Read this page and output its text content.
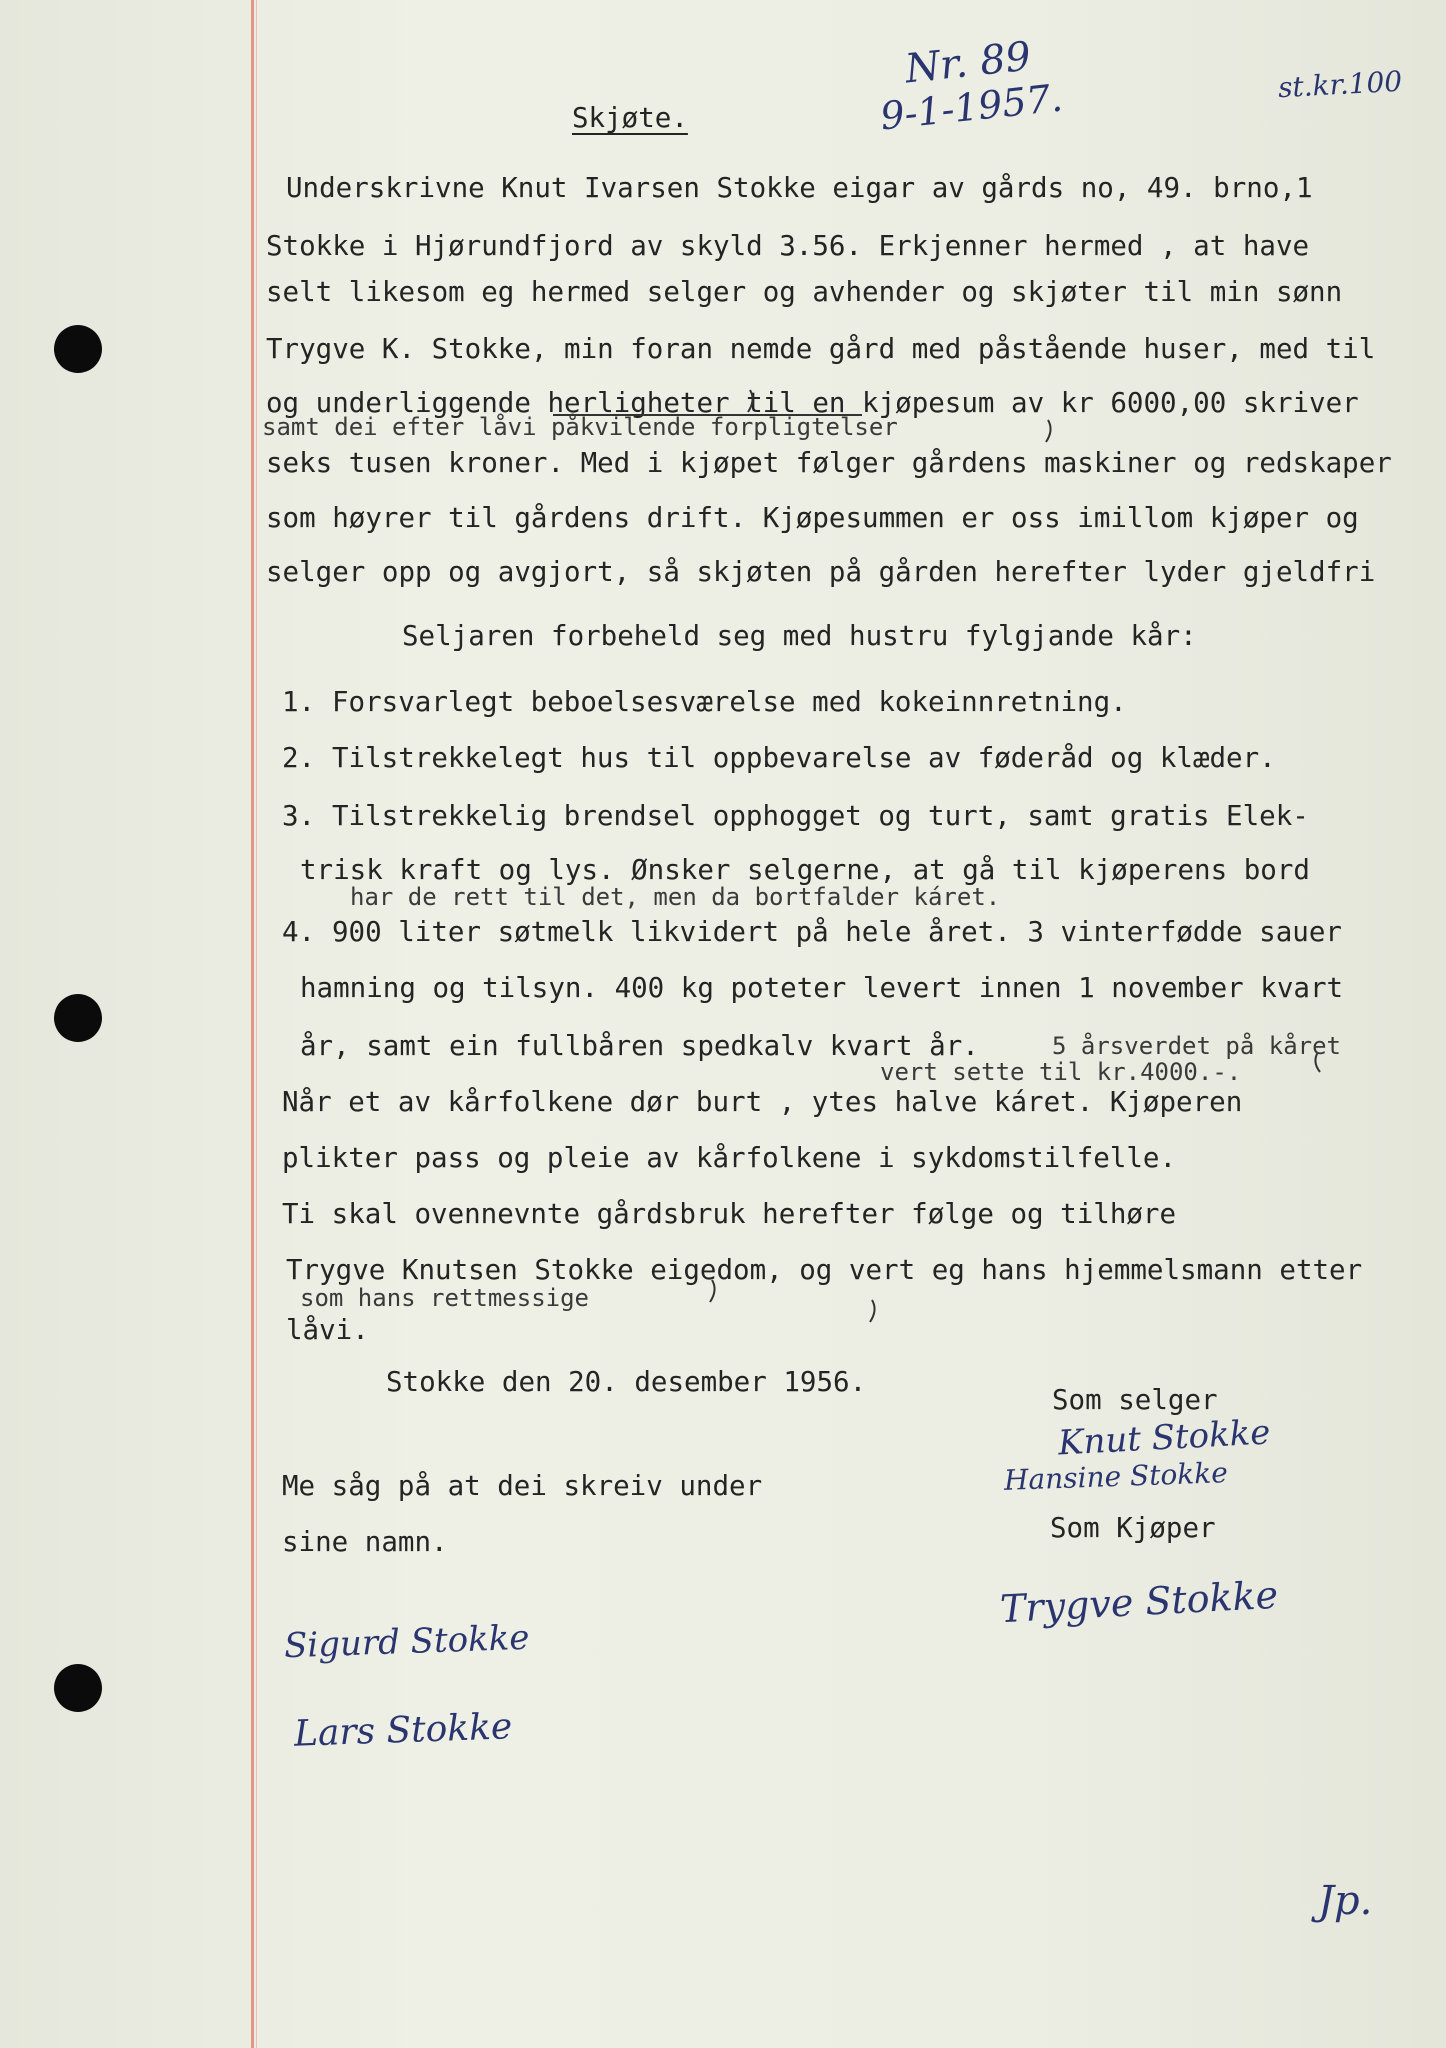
Nr. 89
9-1-1957.	st.kr.100
Skjøte.
Underskrivne Knut Ivarsen Stokke eigar av gårds no, 49. brno,1
Stokke i Hjørundfjord av skyld 3.56. Erkjenner hermed , at have
selt likesom eg hermed selger og avhender og skjøter til min sønn
Trygve K. Stokke, min foran nemde gård med påstående huser, med til
og underliggende herligheter til en kjøpesum av kr 6000,00 skriver
samt dei efter låvi påkvilende forpligtelser
seks tusen kroner. Med i kjøpet følger gårdens maskiner og redskaper
som høyrer til gårdens drift. Kjøpesummen er oss imillom kjøper og
selger opp og avgjort, så skjøten på gården herefter lyder gjeldfri
Seljaren forbeheld seg med hustru fylgjande kår:
1. Forsvarlegt beboelsesværelse med kokeinnretning.
2. Tilstrekkelegt hus til oppbevarelse av føderåd og klæder.
3. Tilstrekkelig brendsel opphogget og turt, samt gratis Elek-
trisk kraft og lys. Ønsker selgerne, at gå til kjøperens bord
har de rett til det, men da bortfalder káret.
4. 900 liter søtmelk likvidert på hele året. 3 vinterfødde sauer
hamning og tilsyn. 400 kg poteter levert innen 1 november kvart
år, samt ein fullbåren spedkalv kvart år.	5 årsverdet på kåret
vert sette til kr.4000.-.
Når et av kårfolkene dør burt , ytes halve káret. Kjøperen
plikter pass og pleie av kårfolkene i sykdomstilfelle.
Ti skal ovennevnte gårdsbruk herefter følge og tilhøre
Trygve Knutsen Stokke eigedom, og vert eg hans hjemmelsmann etter
som hans rettmessige
låvi.
Stokke den 20. desember 1956.
Som selger
Knut Stokke
Hansine Stokke
Som Kjøper
Trygve Stokke
Me såg på at dei skreiv under
sine namn.
Sigurd Stokke
Lars Stokke
Jp.
